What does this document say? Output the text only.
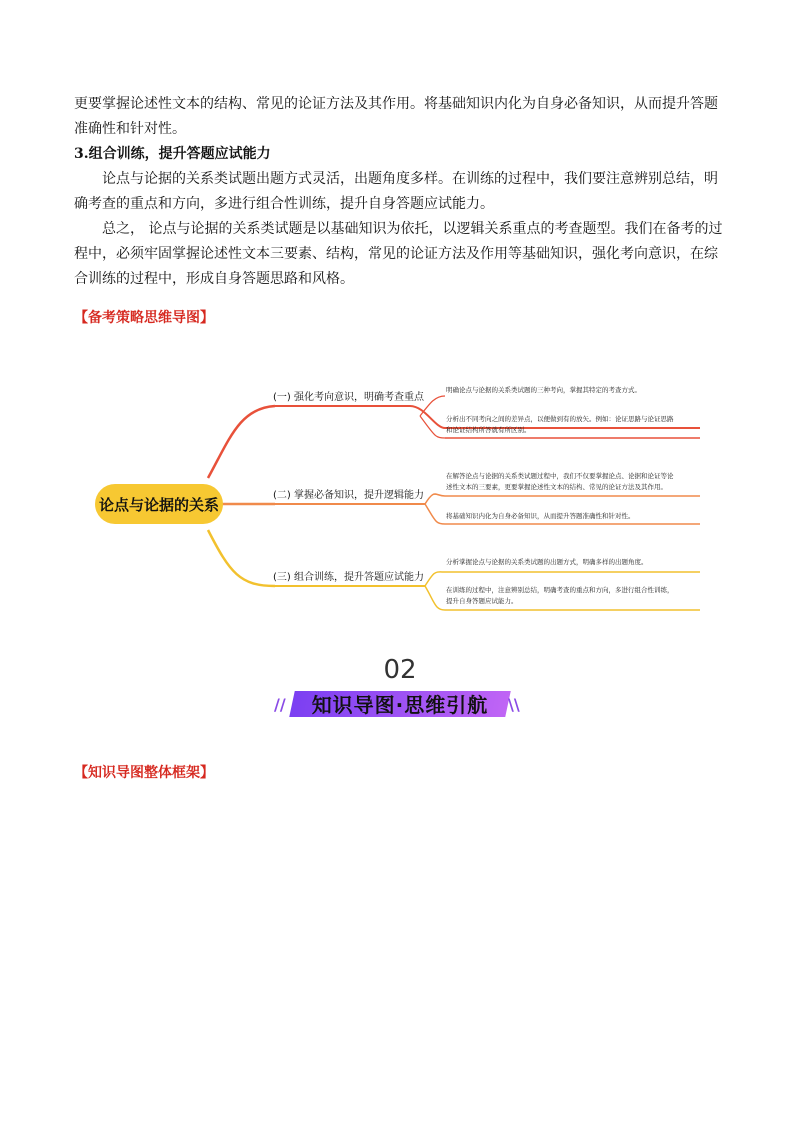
更要掌握论述性文本的结构、常见的论证方法及其作用。将基础知识内化为自身必备知识，从而提升答题
准确性和针对性。

3.组合训练，提升答题应试能力

论点与论据的关系类试题出题方式灵活，出题角度多样。在训练的过程中，我们要注意辨别总结，明确考查的重点和方向，多进行组合性训练，提升自身答题应试能力。

总之， 论点与论据的关系类试题是以基础知识为依托，以逻辑关系重点的考查题型。我们在备考的过程中，必须牢固掌握论述性文本三要素、结构，常见的论证方法及作用等基础知识，强化考向意识，在综合训练的过程中，形成自身答题思路和风格。

【备考策略思维导图】
论点与论据的关系
(一) 强化考向意识，明确考查重点
(二) 掌握必备知识，提升逻辑能力
(三) 组合训练，提升答题应试能力
明确论点与论据的关系类试题的三种考向，掌握其特定的考查方式。
分析出不同考向之间的差异点，以便做到有的放矢。例如：论证思路与论证思路
和论证结构所答就有所区别。
在解答论点与论据的关系类试题过程中，我们不仅要掌握论点、论据和论证等论
述性文本的三要素，更要掌握论述性文本的结构、常见的论证方法及其作用。
将基础知识内化为自身必备知识，从而提升答题准确性和针对性。
分析掌握论点与论据的关系类试题的出题方式，明确多样的出题角度。
在训练的过程中，注意辨别总结，明确考查的重点和方向，多进行组合性训练，
提升自身答题应试能力。
02
//	知识导图·思维引航	\\
【知识导图整体框架】
